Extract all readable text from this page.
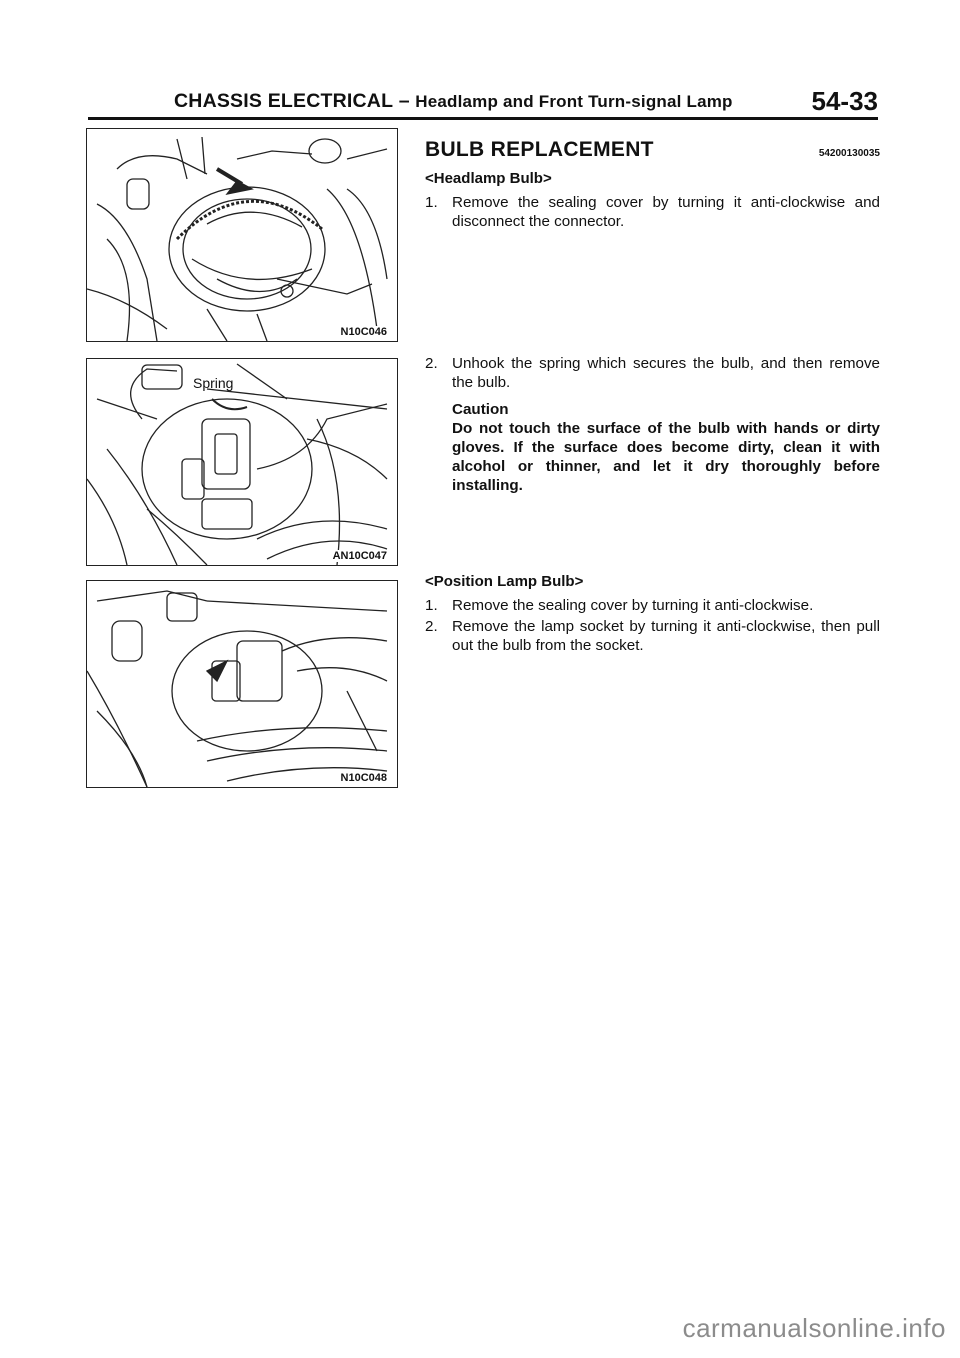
CHASSIS ELECTRICAL – Headlamp and Front Turn-signal Lamp	54-33
N10C046
Spring
AN10C047
N10C048
BULB REPLACEMENT	54200130035
<Headlamp Bulb>
1. Remove the sealing cover by turning it anti-clockwise and disconnect the connector.
2. Unhook the spring which secures the bulb, and then remove the bulb.
Caution
Do not touch the surface of the bulb with hands or dirty gloves. If the surface does become dirty, clean it with alcohol or thinner, and let it dry thoroughly before installing.
<Position Lamp Bulb>
1. Remove the sealing cover by turning it anti-clockwise.
2. Remove the lamp socket by turning it anti-clockwise, then pull out the bulb from the socket.
carmanualsonline.info
